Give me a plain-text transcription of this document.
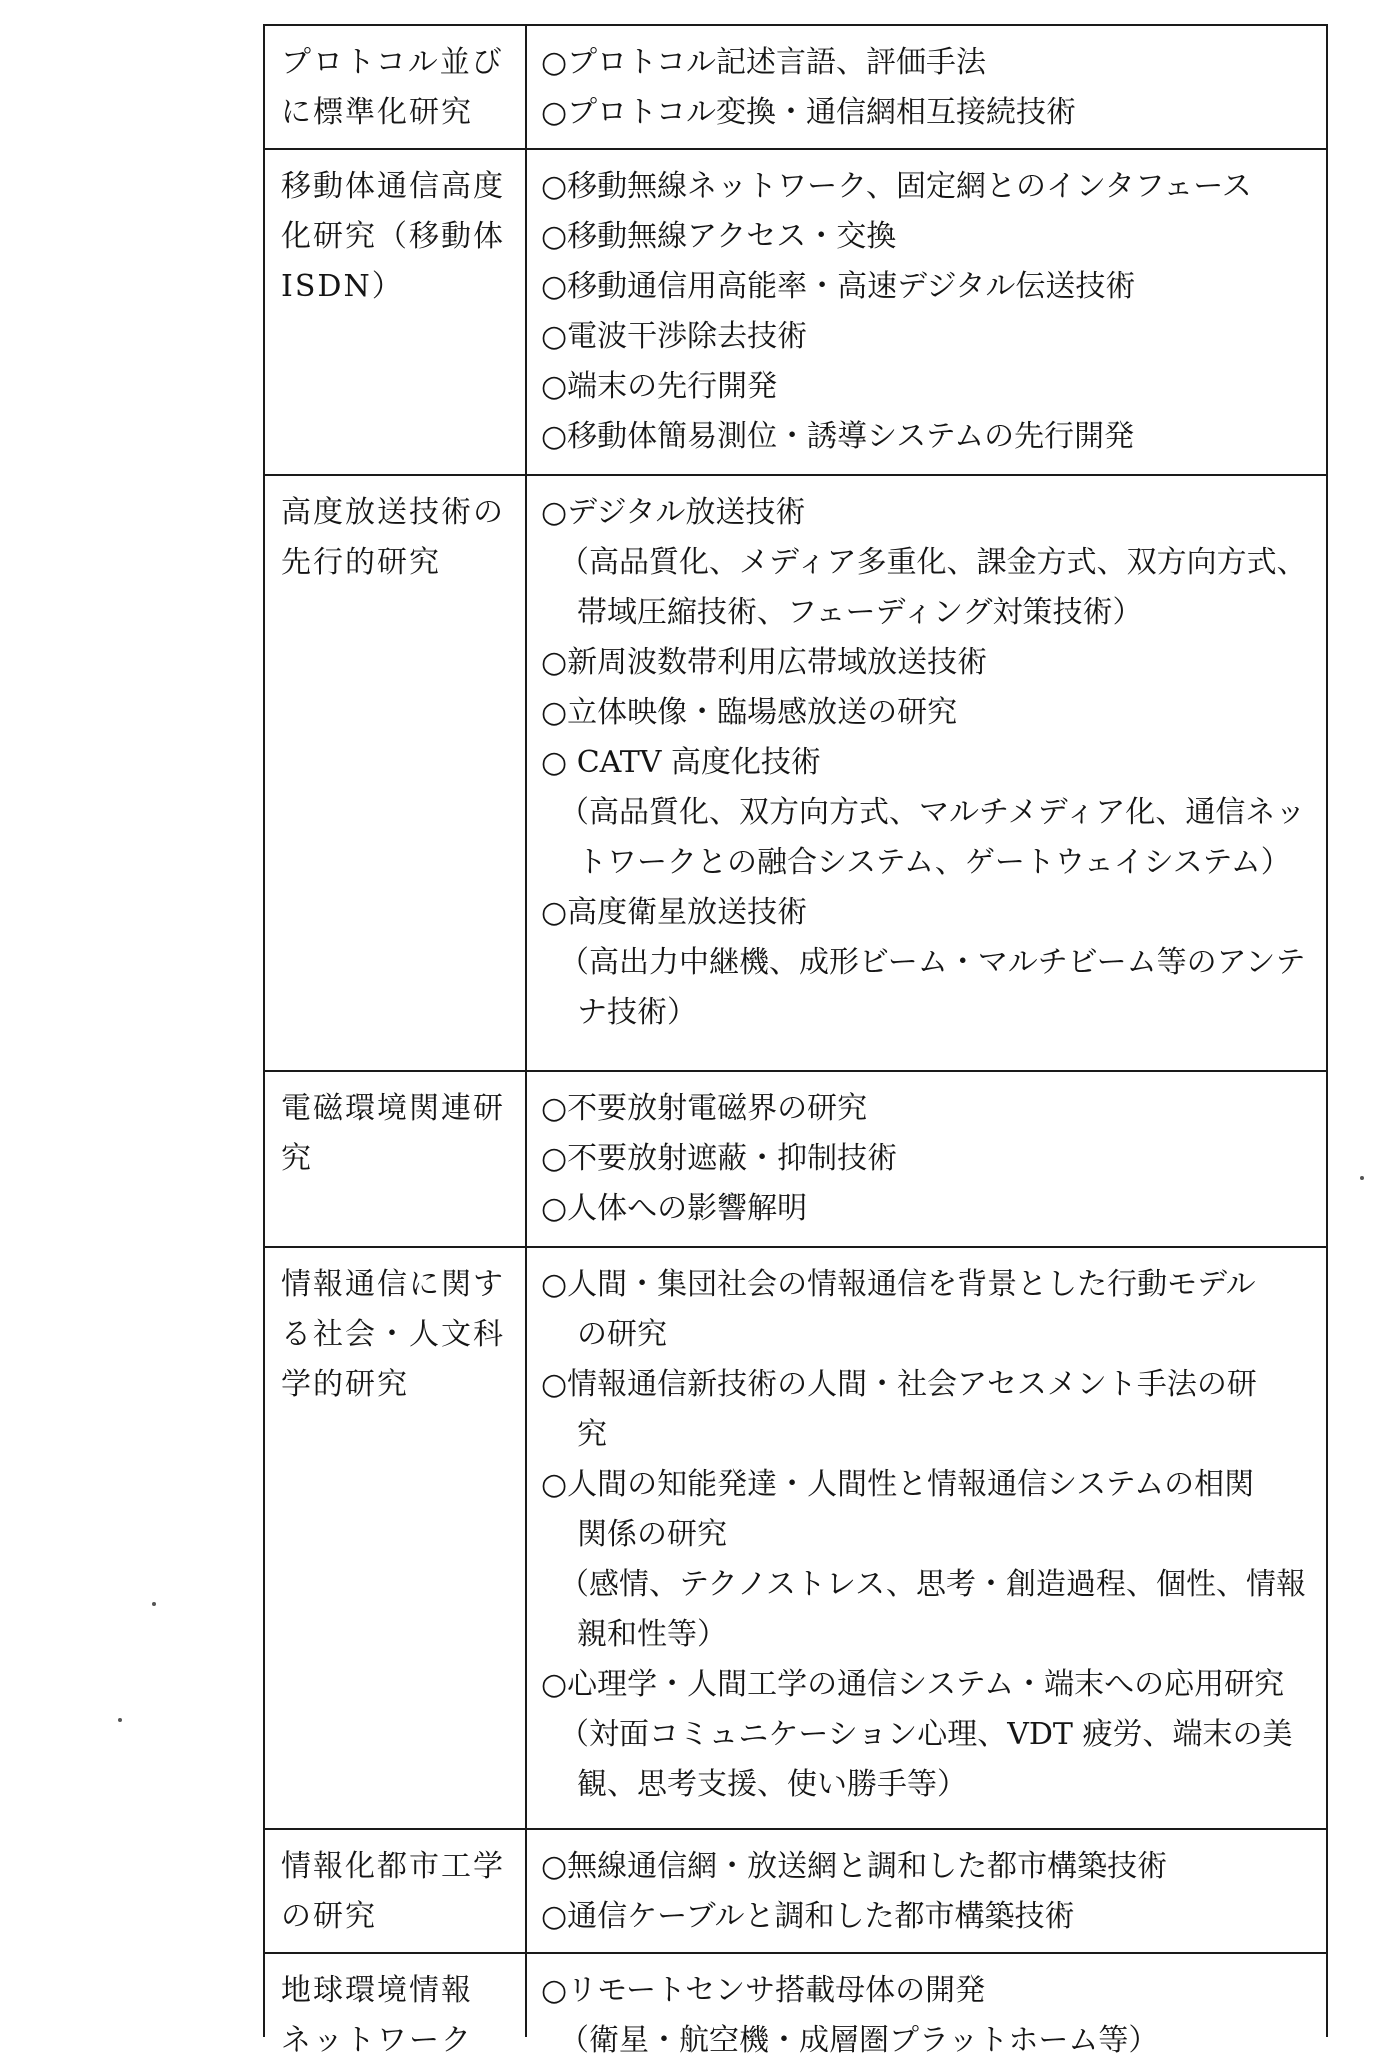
プロトコル並び
に標準化研究
○プロトコル記述言語、評価手法
○プロトコル変換・通信網相互接続技術
移動体通信高度
化研究（移動体
ISDN）
○移動無線ネットワーク、固定網とのインタフェース
○移動無線アクセス・交換
○移動通信用高能率・高速デジタル伝送技術
○電波干渉除去技術
○端末の先行開発
○移動体簡易測位・誘導システムの先行開発
高度放送技術の
先行的研究
○デジタル放送技術
（高品質化、メディア多重化、課金方式、双方向方式、
帯域圧縮技術、フェーディング対策技術）
○新周波数帯利用広帯域放送技術
○立体映像・臨場感放送の研究
○ CATV 高度化技術
（高品質化、双方向方式、マルチメディア化、通信ネッ
トワークとの融合システム、ゲートウェイシステム）
○高度衛星放送技術
（高出力中継機、成形ビーム・マルチビーム等のアンテ
ナ技術）
電磁環境関連研
究
○不要放射電磁界の研究
○不要放射遮蔽・抑制技術
○人体への影響解明
情報通信に関す
る社会・人文科
学的研究
○人間・集団社会の情報通信を背景とした行動モデル
の研究
○情報通信新技術の人間・社会アセスメント手法の研
究
○人間の知能発達・人間性と情報通信システムの相関
関係の研究
（感情、テクノストレス、思考・創造過程、個性、情報
親和性等）
○心理学・人間工学の通信システム・端末への応用研究
（対面コミュニケーション心理、VDT 疲労、端末の美
観、思考支援、使い勝手等）
情報化都市工学
の研究
○無線通信網・放送網と調和した都市構築技術
○通信ケーブルと調和した都市構築技術
地球環境情報
ネットワーク
○リモートセンサ搭載母体の開発
（衛星・航空機・成層圏プラットホーム等）
